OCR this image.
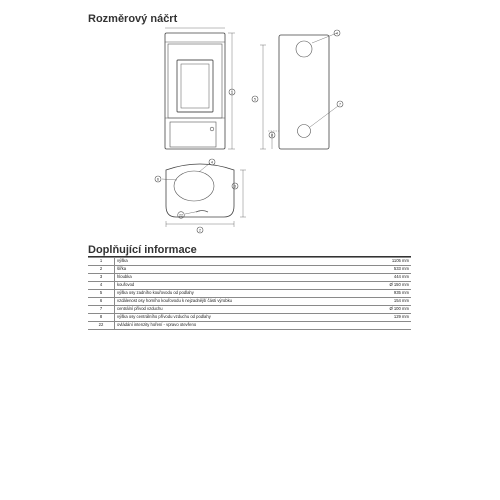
Rozměrový náčrt
1
4
5
7
8
6
4
3
2
22
Doplňující informace
1	výška	1105 mm
2	šířka	533 mm
3	hloubka	444 mm
4	kouřovod	Ø 150 mm
5	výška osy zadního kouřovodu od podlahy	935 mm
6	vzdálenost osy horního kouřovodu k nejzadnější části výrobku	154 mm
7	centrální přívod vzduchu	Ø 100 mm
8	výška osy centrálního přívodu vzduchu od podlahy	129 mm
22	ovládání intenzity hoření - vpravo otevřeno	
